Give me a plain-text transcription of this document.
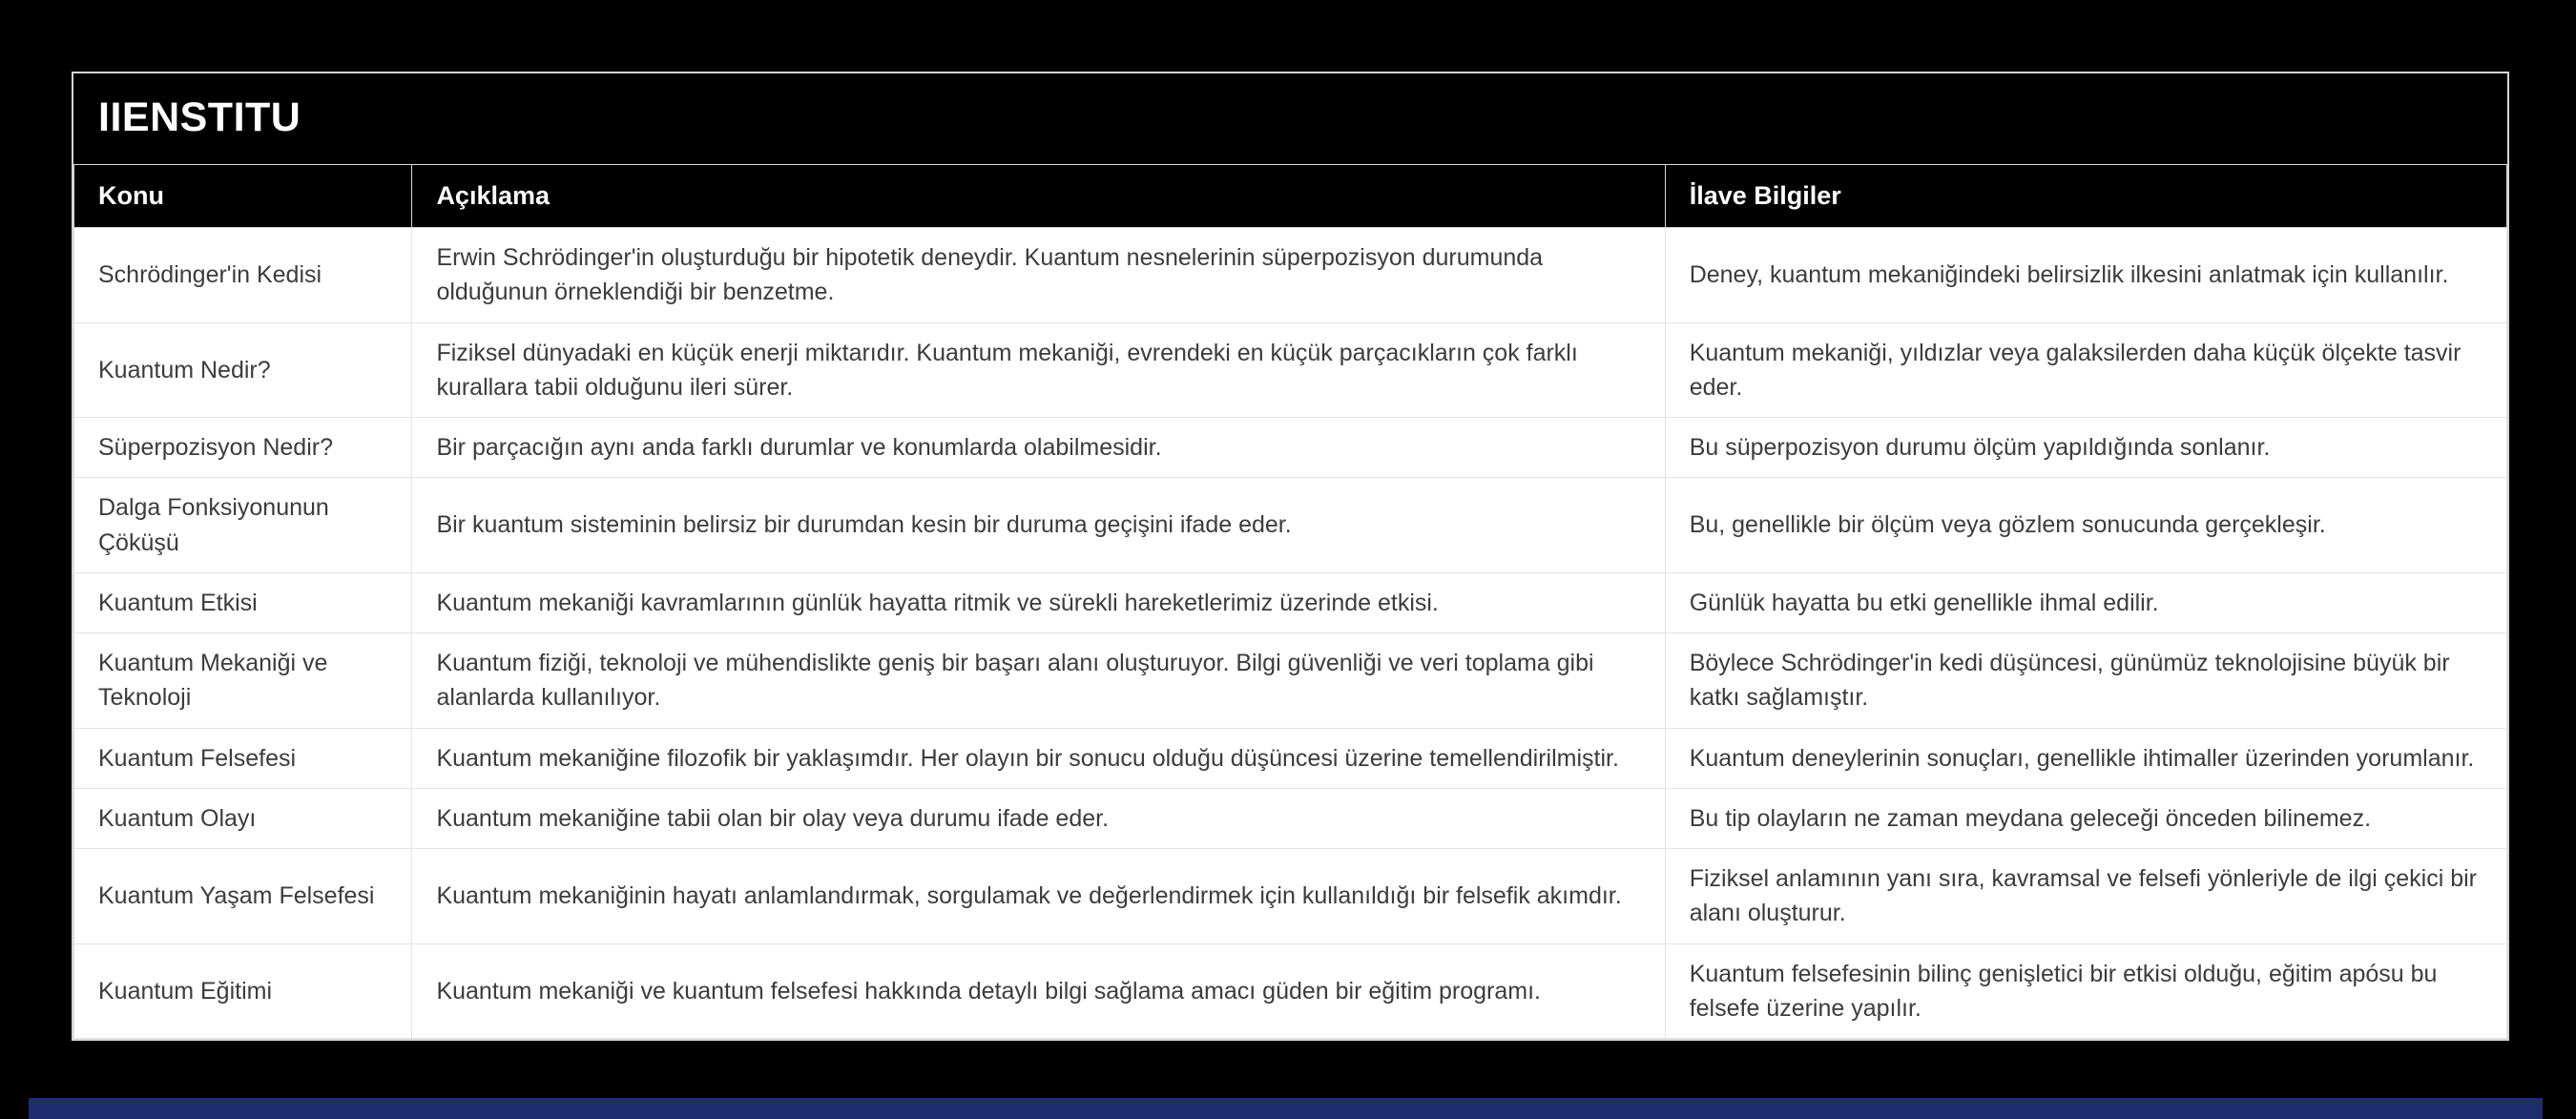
IIENSTITU
Konu	Açıklama	İlave Bilgiler
Schrödinger'in Kedisi	Erwin Schrödinger'in oluşturduğu bir hipotetik deneydir. Kuantum nesnelerinin süperpozisyon durumunda olduğunun örneklendiği bir benzetme.	Deney, kuantum mekaniğindeki belirsizlik ilkesini anlatmak için kullanılır.
Kuantum Nedir?	Fiziksel dünyadaki en küçük enerji miktarıdır. Kuantum mekaniği, evrendeki en küçük parçacıkların çok farklı kurallara tabii olduğunu ileri sürer.	Kuantum mekaniği, yıldızlar veya galaksilerden daha küçük ölçekte tasvir eder.
Süperpozisyon Nedir?	Bir parçacığın aynı anda farklı durumlar ve konumlarda olabilmesidir.	Bu süperpozisyon durumu ölçüm yapıldığında sonlanır.
Dalga Fonksiyonunun Çöküşü	Bir kuantum sisteminin belirsiz bir durumdan kesin bir duruma geçişini ifade eder.	Bu, genellikle bir ölçüm veya gözlem sonucunda gerçekleşir.
Kuantum Etkisi	Kuantum mekaniği kavramlarının günlük hayatta ritmik ve sürekli hareketlerimiz üzerinde etkisi.	Günlük hayatta bu etki genellikle ihmal edilir.
Kuantum Mekaniği ve Teknoloji	Kuantum fiziği, teknoloji ve mühendislikte geniş bir başarı alanı oluşturuyor. Bilgi güvenliği ve veri toplama gibi alanlarda kullanılıyor.	Böylece Schrödinger'in kedi düşüncesi, günümüz teknolojisine büyük bir katkı sağlamıştır.
Kuantum Felsefesi	Kuantum mekaniğine filozofik bir yaklaşımdır. Her olayın bir sonucu olduğu düşüncesi üzerine temellendirilmiştir.	Kuantum deneylerinin sonuçları, genellikle ihtimaller üzerinden yorumlanır.
Kuantum Olayı	Kuantum mekaniğine tabii olan bir olay veya durumu ifade eder.	Bu tip olayların ne zaman meydana geleceği önceden bilinemez.
Kuantum Yaşam Felsefesi	Kuantum mekaniğinin hayatı anlamlandırmak, sorgulamak ve değerlendirmek için kullanıldığı bir felsefik akımdır.	Fiziksel anlamının yanı sıra, kavramsal ve felsefi yönleriyle de ilgi çekici bir alanı oluşturur.
Kuantum Eğitimi	Kuantum mekaniği ve kuantum felsefesi hakkında detaylı bilgi sağlama amacı güden bir eğitim programı.	Kuantum felsefesinin bilinç genişletici bir etkisi olduğu, eğitim apósu bu felsefe üzerine yapılır.
